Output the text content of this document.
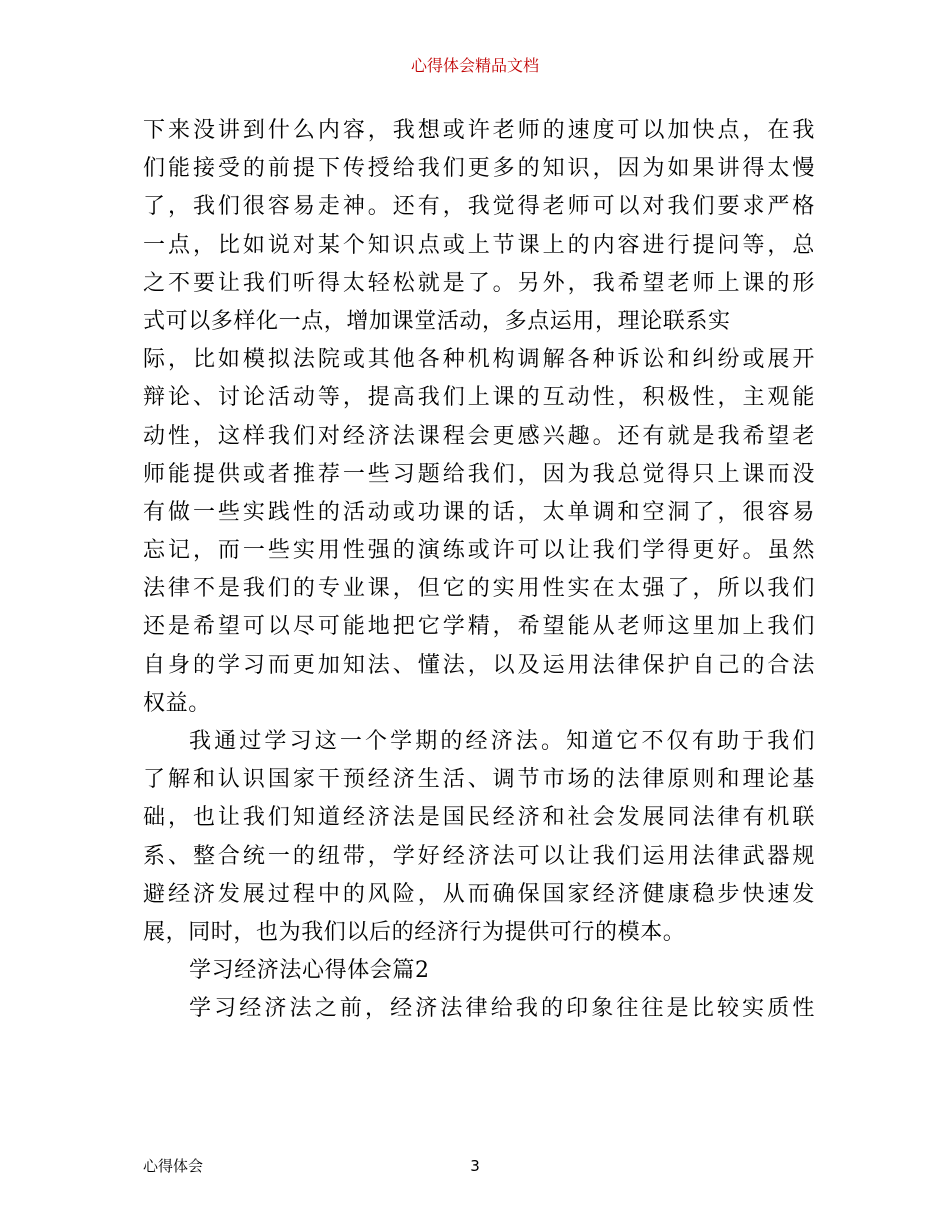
心得体会精品文档
下来没讲到什么内容，我想或许老师的速度可以加快点，在我
们能接受的前提下传授给我们更多的知识，因为如果讲得太慢
了，我们很容易走神。还有，我觉得老师可以对我们要求严格
一点，比如说对某个知识点或上节课上的内容进行提问等，总
之不要让我们听得太轻松就是了。另外，我希望老师上课的形
式可以多样化一点，增加课堂活动，多点运用，理论联系实
际，比如模拟法院或其他各种机构调解各种诉讼和纠纷或展开
辩论、讨论活动等，提高我们上课的互动性，积极性，主观能
动性，这样我们对经济法课程会更感兴趣。还有就是我希望老
师能提供或者推荐一些习题给我们，因为我总觉得只上课而没
有做一些实践性的活动或功课的话，太单调和空洞了，很容易
忘记，而一些实用性强的演练或许可以让我们学得更好。虽然
法律不是我们的专业课，但它的实用性实在太强了，所以我们
还是希望可以尽可能地把它学精，希望能从老师这里加上我们
自身的学习而更加知法、懂法，以及运用法律保护自己的合法
权益。
我通过学习这一个学期的经济法。知道它不仅有助于我们
了解和认识国家干预经济生活、调节市场的法律原则和理论基
础，也让我们知道经济法是国民经济和社会发展同法律有机联
系、整合统一的纽带，学好经济法可以让我们运用法律武器规
避经济发展过程中的风险，从而确保国家经济健康稳步快速发
展，同时，也为我们以后的经济行为提供可行的模本。
学习经济法心得体会篇2
学习经济法之前，经济法律给我的印象往往是比较实质性
心得体会	3
